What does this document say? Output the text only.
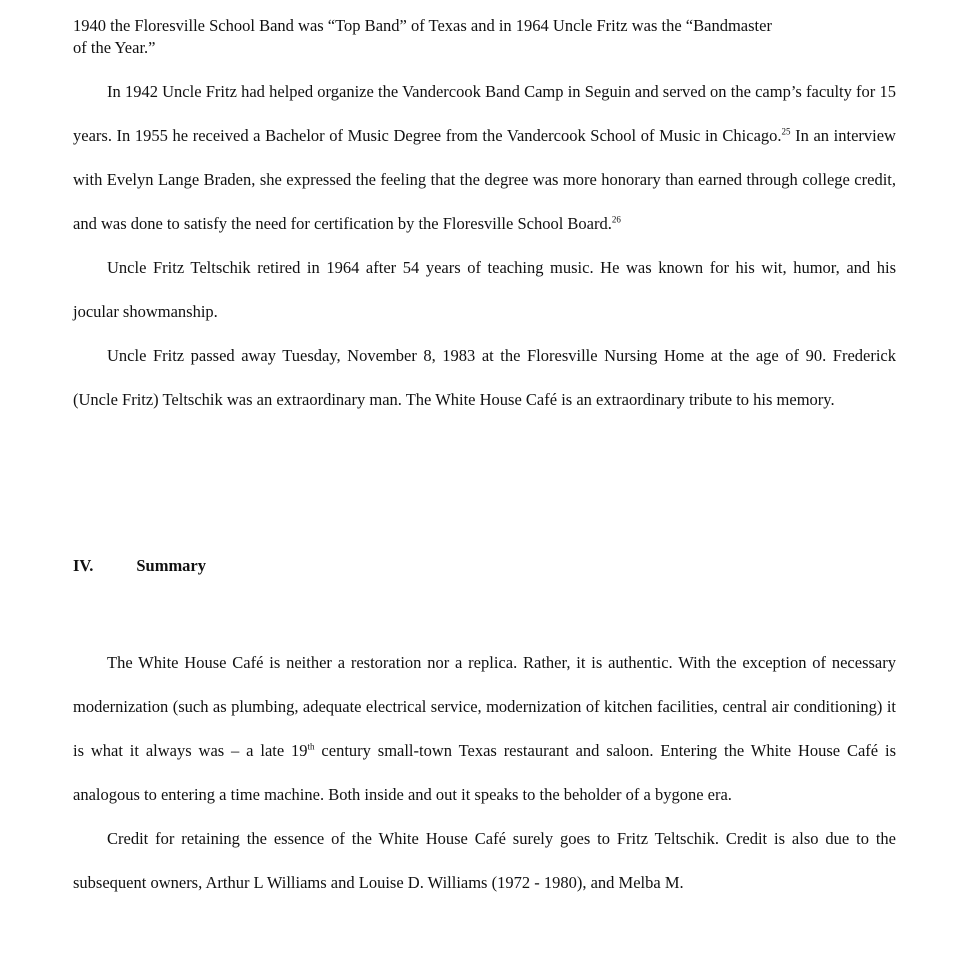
1940 the Floresville School Band was “Top Band” of Texas and in 1964 Uncle Fritz was the “Bandmaster

of the Year.”

In 1942 Uncle Fritz had helped organize the Vandercook Band Camp in Seguin and served on the camp’s faculty for 15 years. In 1955 he received a Bachelor of Music Degree from the Vandercook School of Music in Chicago.$^{25}$ In an interview with Evelyn Lange Braden, she expressed the feeling that the degree was more honorary than earned through college credit, and was done to satisfy the need for certification by the Floresville School Board.$^{26}$

Uncle Fritz Teltschik retired in 1964 after 54 years of teaching music. He was known for his wit, humor, and his jocular showmanship.

Uncle Fritz passed away Tuesday, November 8, 1983 at the Floresville Nursing Home at the age of 90. Frederick (Uncle Fritz) Teltschik was an extraordinary man. The White House Café is an extraordinary tribute to his memory.

IV.	Summary

The White House Café is neither a restoration nor a replica. Rather, it is authentic. With the exception of necessary modernization (such as plumbing, adequate electrical service, modernization of kitchen facilities, central air conditioning) it is what it always was – a late 19th century small-town Texas restaurant and saloon. Entering the White House Café is analogous to entering a time machine. Both inside and out it speaks to the beholder of a bygone era.

Credit for retaining the essence of the White House Café surely goes to Fritz Teltschik. Credit is also due to the subsequent owners, Arthur L Williams and Louise D. Williams (1972 - 1980), and Melba M.
